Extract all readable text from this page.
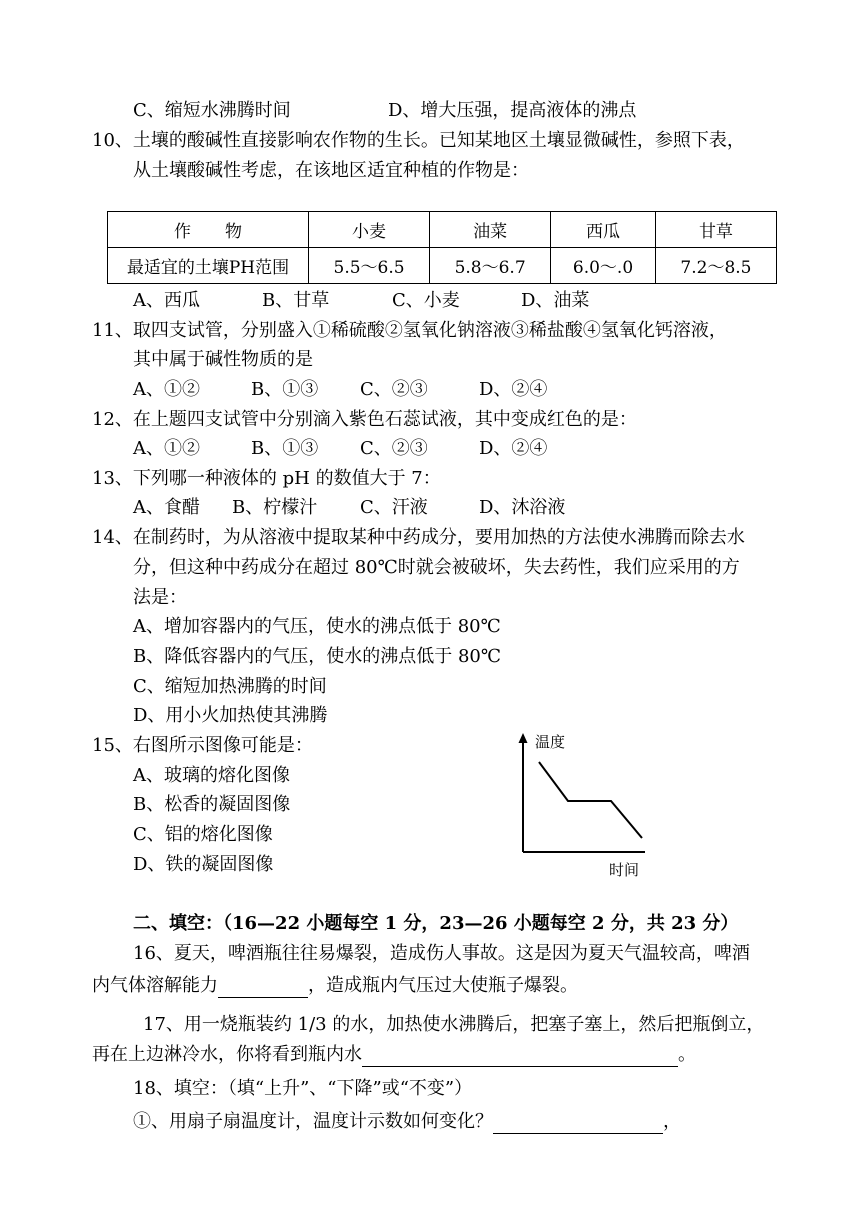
C、缩短水沸腾时间	D、增大压强，提高液体的沸点
10、土壤的酸碱性直接影响农作物的生长。已知某地区土壤显微碱性，参照下表，
从土壤酸碱性考虑，在该地区适宜种植的作物是：
作　　物	小麦	油菜	西瓜	甘草
最适宜的土壤PH范围	5.5～6.5	5.8～6.7	6.0～.0	7.2～8.5
A、西瓜	B、甘草	C、小麦	D、油菜
11、取四支试管，分别盛入①稀硫酸②氢氧化钠溶液③稀盐酸④氢氧化钙溶液，
其中属于碱性物质的是
A、①②	B、①③ C、②③	D、②④
12、在上题四支试管中分别滴入紫色石蕊试液，其中变成红色的是：
A、①②	B、①③ C、②③	D、②④
13、下列哪一种液体的 pH 的数值大于 7：
A、食醋 B、柠檬汁 C、汗液	D、沐浴液
14、在制药时，为从溶液中提取某种中药成分，要用加热的方法使水沸腾而除去水
分，但这种中药成分在超过 80℃时就会被破坏，失去药性，我们应采用的方
法是：
A、增加容器内的气压，使水的沸点低于 80℃
B、降低容器内的气压，使水的沸点低于 80℃
C、缩短加热沸腾的时间
D、用小火加热使其沸腾
15、右图所示图像可能是：
A、玻璃的熔化图像
B、松香的凝固图像
C、铝的熔化图像
D、铁的凝固图像
温度
时间
二、填空：（16—22 小题每空 1 分，23—26 小题每空 2 分，共 23 分）
16、夏天，啤酒瓶往往易爆裂，造成伤人事故。这是因为夏天气温较高，啤酒
内气体溶解能力	，造成瓶内气压过大使瓶子爆裂。
17、用一烧瓶装约 1/3 的水，加热使水沸腾后，把塞子塞上，然后把瓶倒立，
再在上边淋冷水，你将看到瓶内水	。
18、填空：（填“上升”、“下降”或“不变”）
①、用扇子扇温度计，温度计示数如何变化？	，
